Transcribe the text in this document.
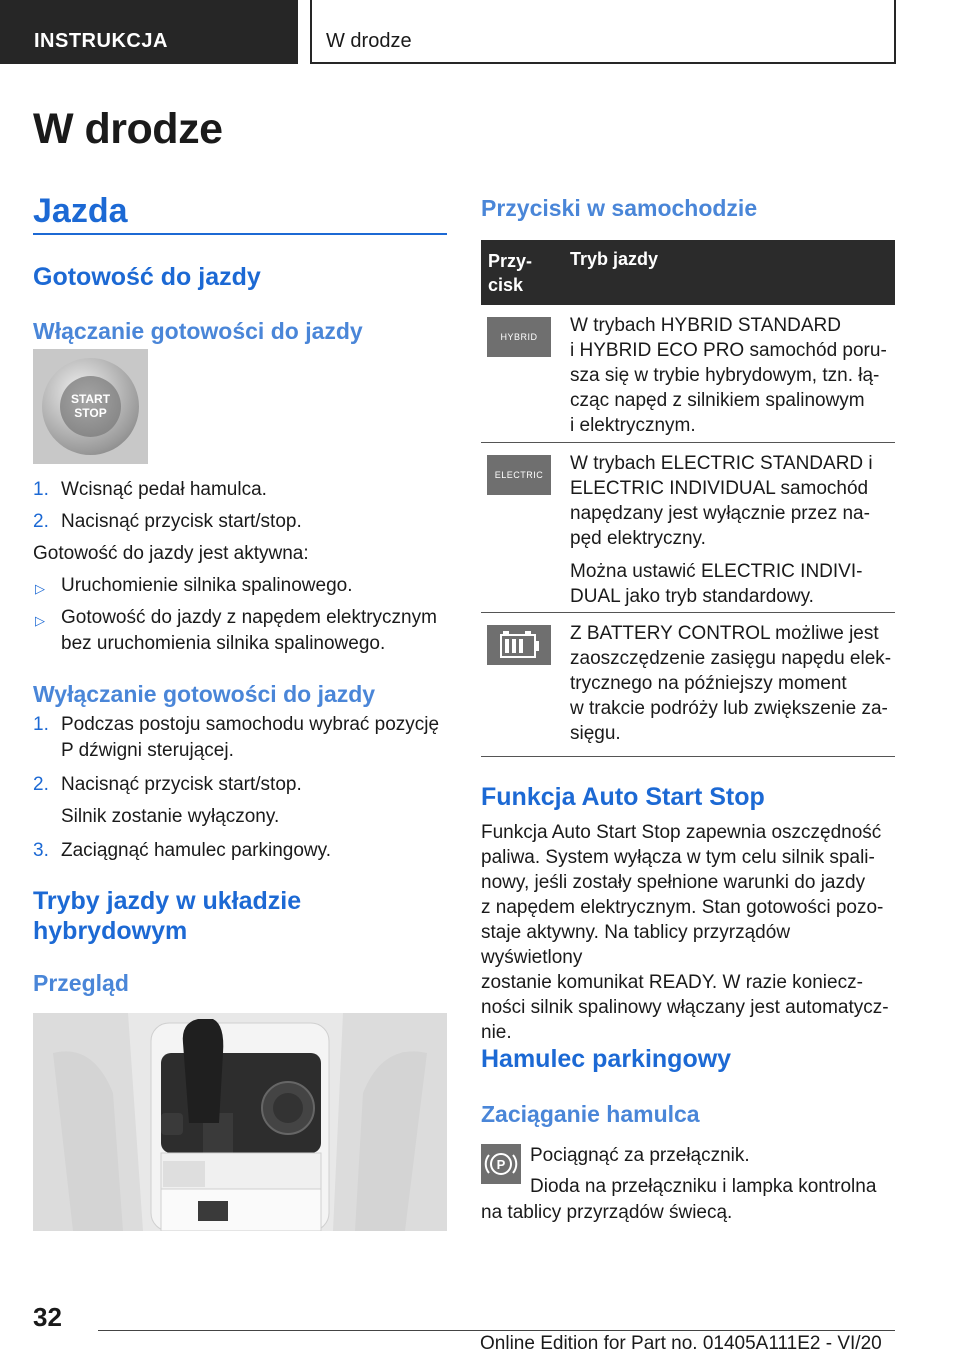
INSTRUKCJA	W drodze
W drodze
Jazda
Gotowość do jazdy
Włączanie gotowości do jazdy
START
STOP
1. Wcisnąć pedał hamulca.
2. Nacisnąć przycisk start/stop.
Gotowość do jazdy jest aktywna:
▷ Uruchomienie silnika spalinowego.
▷ Gotowość do jazdy z napędem elektrycznym
bez uruchomienia silnika spalinowego.
Wyłączanie gotowości do jazdy
1. Podczas postoju samochodu wybrać pozycję
P dźwigni sterującej.
2. Nacisnąć przycisk start/stop.
Silnik zostanie wyłączony.
3. Zaciągnąć hamulec parkingowy.
Tryby jazdy w układzie
hybrydowym
Przegląd
Przyciski w samochodzie
Przy-
cisk
Tryb jazdy
HYBRID
W trybach HYBRID STANDARD
i HYBRID ECO PRO samochód poru-
sza się w trybie hybrydowym, tzn. łą-
cząc napęd z silnikiem spalinowym
i elektrycznym.
ELECTRIC
W trybach ELECTRIC STANDARD i
ELECTRIC INDIVIDUAL samochód
napędzany jest wyłącznie przez na-
pęd elektryczny.
Można ustawić ELECTRIC INDIVI-
DUAL jako tryb standardowy.
Z BATTERY CONTROL możliwe jest
zaoszczędzenie zasięgu napędu elek-
trycznego na późniejszy moment
w trakcie podróży lub zwiększenie za-
sięgu.
Funkcja Auto Start Stop
Funkcja Auto Start Stop zapewnia oszczędność
paliwa. System wyłącza w tym celu silnik spali-
nowy, jeśli zostały spełnione warunki do jazdy
z napędem elektrycznym. Stan gotowości pozo-
staje aktywny. Na tablicy przyrządów wyświetlony
zostanie komunikat READY. W razie koniecz-
ności silnik spalinowy włączany jest automatycz-
nie.
Hamulec parkingowy
Zaciąganie hamulca
P Pociągnąć za przełącznik.
Dioda na przełączniku i lampka kontrolna
na tablicy przyrządów świecą.
32
Online Edition for Part no. 01405A111E2 - VI/20
